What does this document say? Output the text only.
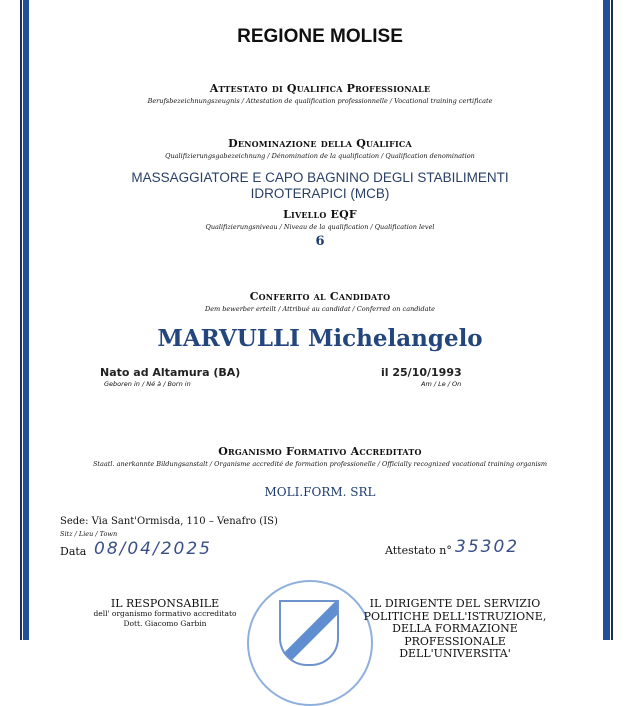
REGIONE MOLISE
Attestato di Qualifica Professionale
Berufsbezeichnungszeugnis / Attestation de qualification professionnelle / Vocational training certificate
Denominazione della Qualifica
Qualifizierungsgabezeichnung / Dénomination de la qualification / Qualification denomination
MASSAGGIATORE E CAPO BAGNINO DEGLI STABILIMENTI
IDROTERAPICI (MCB)
Livello EQF
Qualifizierungsniveau / Niveau de la qualification / Qualification level
6
Conferito al Candidato
Dem bewerber erteilt / Attribué au candidat / Conferred on candidate
MARVULLI Michelangelo
Nato ad Altamura (BA)
Geboren in / Né à / Born in
il 25/10/1993
Am / Le / On
Organismo Formativo Accreditato
Staatl. anerkannte Bildungsanstalt / Organisme accredité de formation professionelle / Officially recognized vocational training organism
MOLI.FORM. SRL
Sede: Via Sant'Ormisda, 110 – Venafro (IS)
Sitz / Lieu / Town
Data 08/04/2025	Attestato n° 35302
IL RESPONSABILE
dell' organismo formativo accreditato
Dott. Giacomo Garbin
IL DIRIGENTE DEL SERVIZIO
POLITICHE DELL'ISTRUZIONE,
DELLA FORMAZIONE
PROFESSIONALE DELL'UNIVERSITA'
